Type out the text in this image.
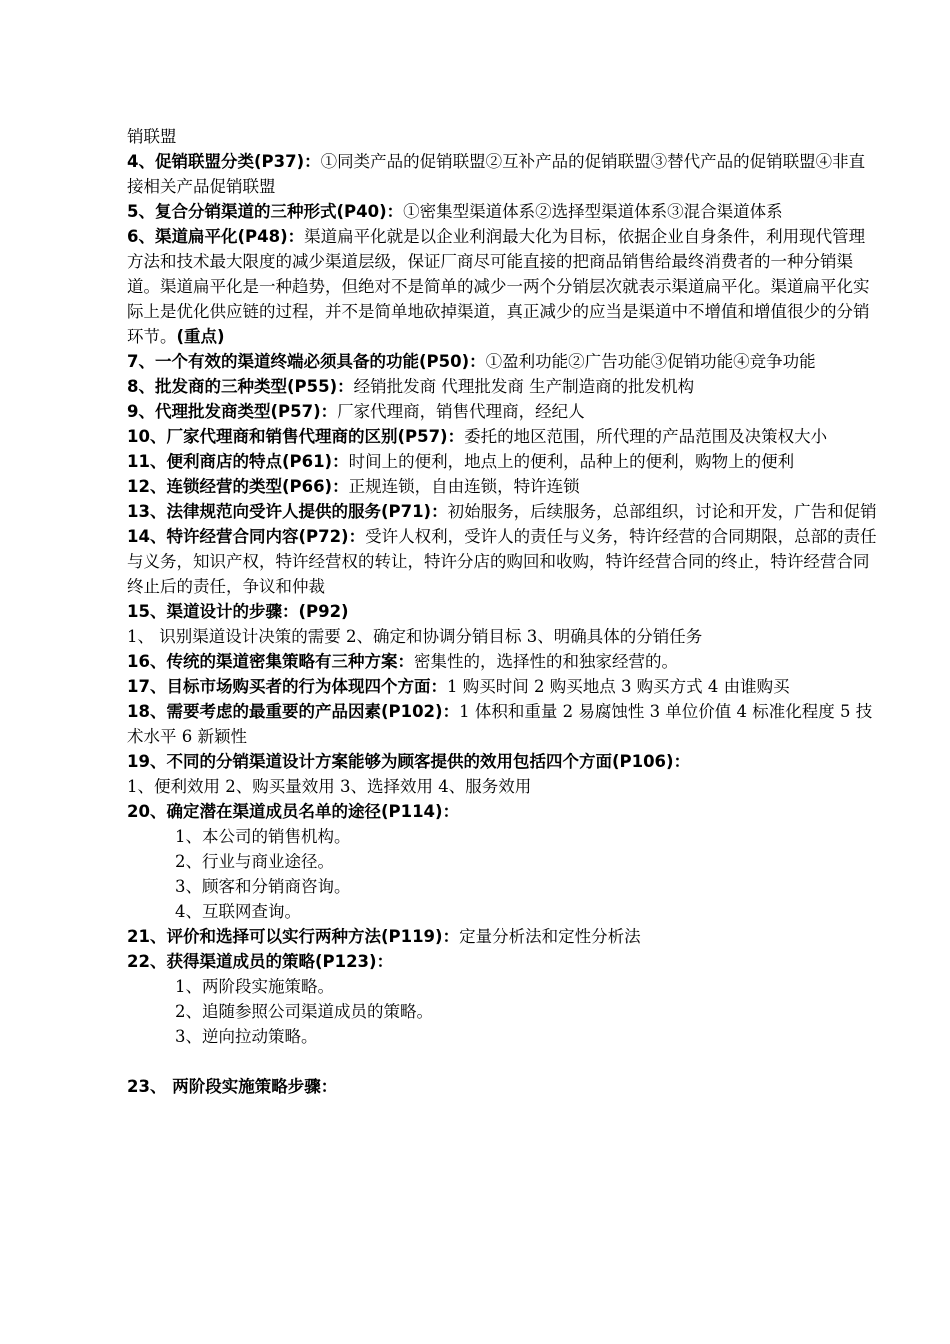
销联盟

4、促销联盟分类(P37)：①同类产品的促销联盟②互补产品的促销联盟③替代产品的促销联盟④非直接相关产品促销联盟

5、复合分销渠道的三种形式(P40)：①密集型渠道体系②选择型渠道体系③混合渠道体系

6、渠道扁平化(P48)：渠道扁平化就是以企业利润最大化为目标，依据企业自身条件，利用现代管理方法和技术最大限度的减少渠道层级，保证厂商尽可能直接的把商品销售给最终消费者的一种分销渠道。渠道扁平化是一种趋势，但绝对不是简单的减少一两个分销层次就表示渠道扁平化。渠道扁平化实际上是优化供应链的过程，并不是简单地砍掉渠道，真正减少的应当是渠道中不增值和增值很少的分销环节。(重点)

7、一个有效的渠道终端必须具备的功能(P50)：①盈利功能②广告功能③促销功能④竞争功能

8、批发商的三种类型(P55)：经销批发商 代理批发商 生产制造商的批发机构

9、代理批发商类型(P57)：厂家代理商，销售代理商，经纪人

10、厂家代理商和销售代理商的区别(P57)：委托的地区范围，所代理的产品范围及决策权大小

11、便利商店的特点(P61)：时间上的便利，地点上的便利，品种上的便利，购物上的便利

12、连锁经营的类型(P66)：正规连锁，自由连锁，特许连锁

13、法律规范向受许人提供的服务(P71)：初始服务，后续服务，总部组织，讨论和开发，广告和促销

14、特许经营合同内容(P72)：受许人权利，受许人的责任与义务，特许经营的合同期限，总部的责任与义务，知识产权，特许经营权的转让，特许分店的购回和收购，特许经营合同的终止，特许经营合同终止后的责任，争议和仲裁

15、渠道设计的步骤：(P92)

1、 识别渠道设计决策的需要 2、确定和协调分销目标 3、明确具体的分销任务

16、传统的渠道密集策略有三种方案：密集性的，选择性的和独家经营的。

17、目标市场购买者的行为体现四个方面：1 购买时间 2 购买地点 3 购买方式 4 由谁购买

18、需要考虑的最重要的产品因素(P102)：1 体积和重量 2 易腐蚀性 3 单位价值 4 标准化程度 5 技术水平 6 新颖性

19、不同的分销渠道设计方案能够为顾客提供的效用包括四个方面(P106)：

1、便利效用 2、购买量效用 3、选择效用 4、服务效用

20、确定潜在渠道成员名单的途径(P114)：

1、本公司的销售机构。

2、行业与商业途径。

3、顾客和分销商咨询。

4、互联网查询。

21、评价和选择可以实行两种方法(P119)：定量分析法和定性分析法

22、获得渠道成员的策略(P123)：

1、两阶段实施策略。

2、追随参照公司渠道成员的策略。

3、逆向拉动策略。

23、 两阶段实施策略步骤：
